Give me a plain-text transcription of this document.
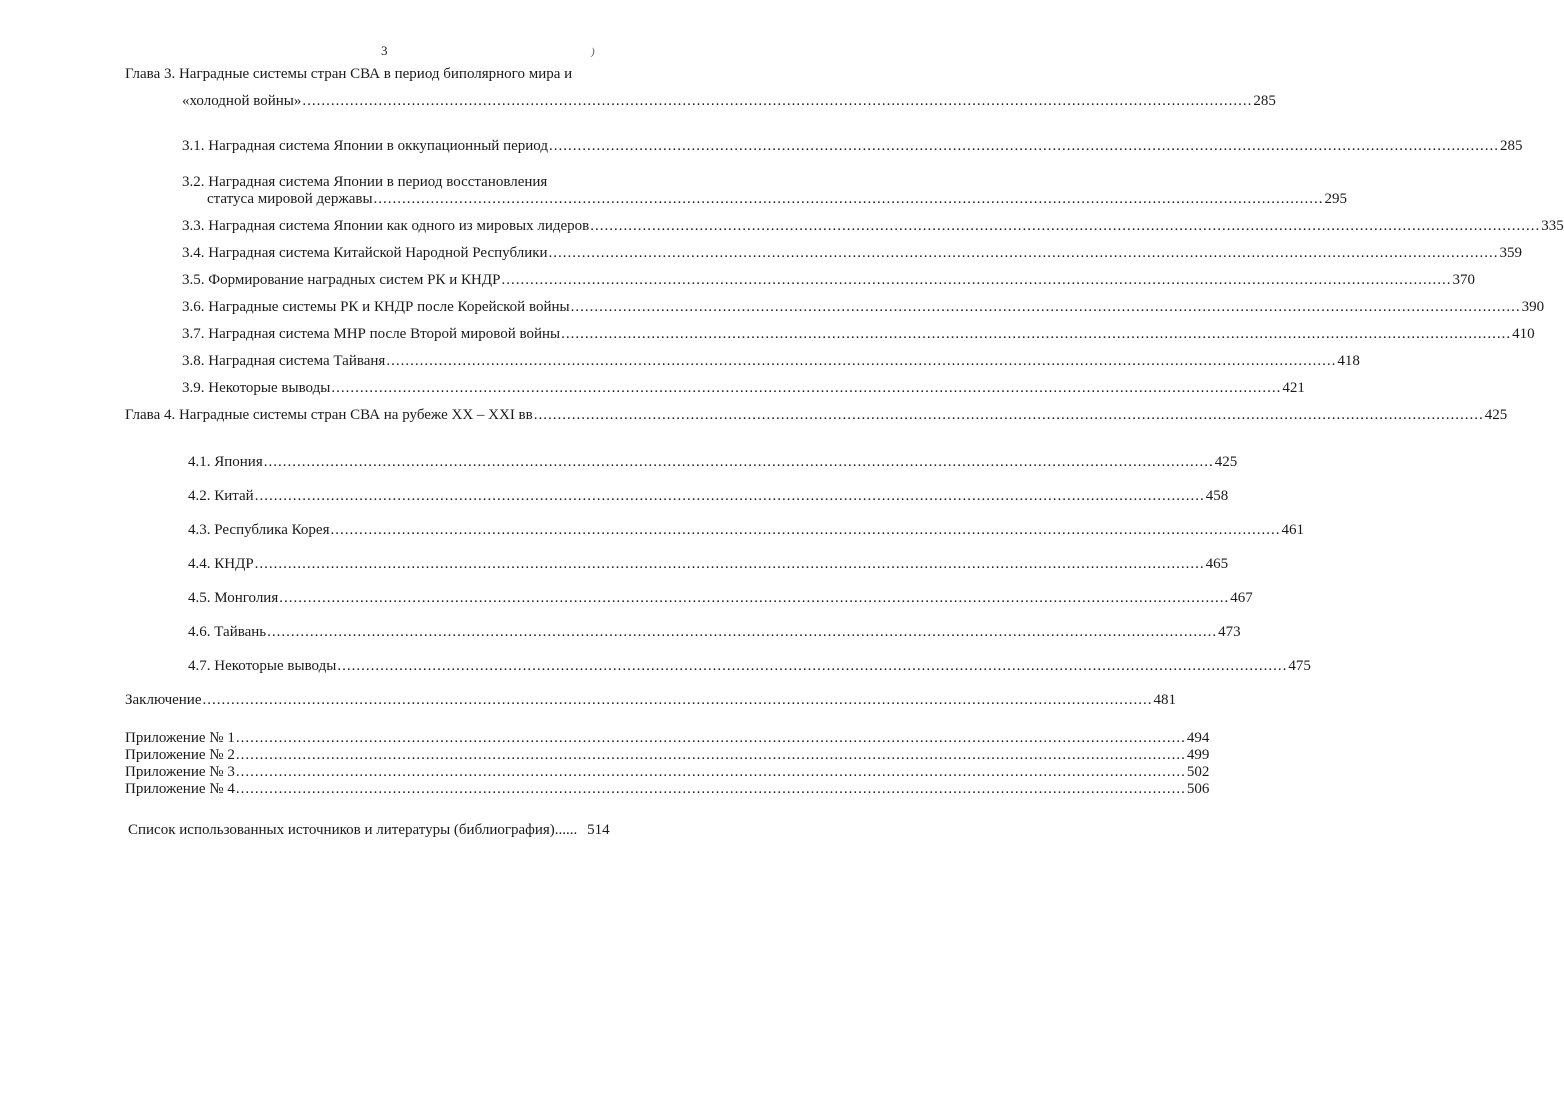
3	)
Глава 3. Наградные системы стран СВА в период биполярного мира и
«холодной войны» ........................................................................................................................................................................................................ 285
3.1. Наградная система Японии в оккупационный период ........................................................................................................................................................................................................ 285
3.2. Наградная система Японии в период восстановления
статуса мировой державы ........................................................................................................................................................................................................ 295
3.3. Наградная система Японии как одного из мировых лидеров ........................................................................................................................................................................................................ 335
3.4. Наградная система Китайской Народной Республики ........................................................................................................................................................................................................ 359
3.5. Формирование наградных систем РК и КНДР ........................................................................................................................................................................................................ 370
3.6. Наградные системы РК и КНДР после Корейской войны ........................................................................................................................................................................................................ 390
3.7. Наградная система МНР после Второй мировой войны ........................................................................................................................................................................................................ 410
3.8. Наградная система Тайваня ........................................................................................................................................................................................................ 418
3.9. Некоторые выводы ........................................................................................................................................................................................................ 421
Глава 4. Наградные системы стран СВА на рубеже XX – XXI вв ........................................................................................................................................................................................................ 425
4.1. Япония ........................................................................................................................................................................................................ 425
4.2. Китай ........................................................................................................................................................................................................ 458
4.3. Республика Корея ........................................................................................................................................................................................................ 461
4.4. КНДР ........................................................................................................................................................................................................ 465
4.5. Монголия ........................................................................................................................................................................................................ 467
4.6. Тайвань ........................................................................................................................................................................................................ 473
4.7. Некоторые выводы ........................................................................................................................................................................................................ 475
Заключение ........................................................................................................................................................................................................ 481
Приложение № 1 ........................................................................................................................................................................................................ 494
Приложение № 2 ........................................................................................................................................................................................................ 499
Приложение № 3 ........................................................................................................................................................................................................ 502
Приложение № 4 ........................................................................................................................................................................................................ 506
Список использованных источников и литературы (библиография)...... 514
